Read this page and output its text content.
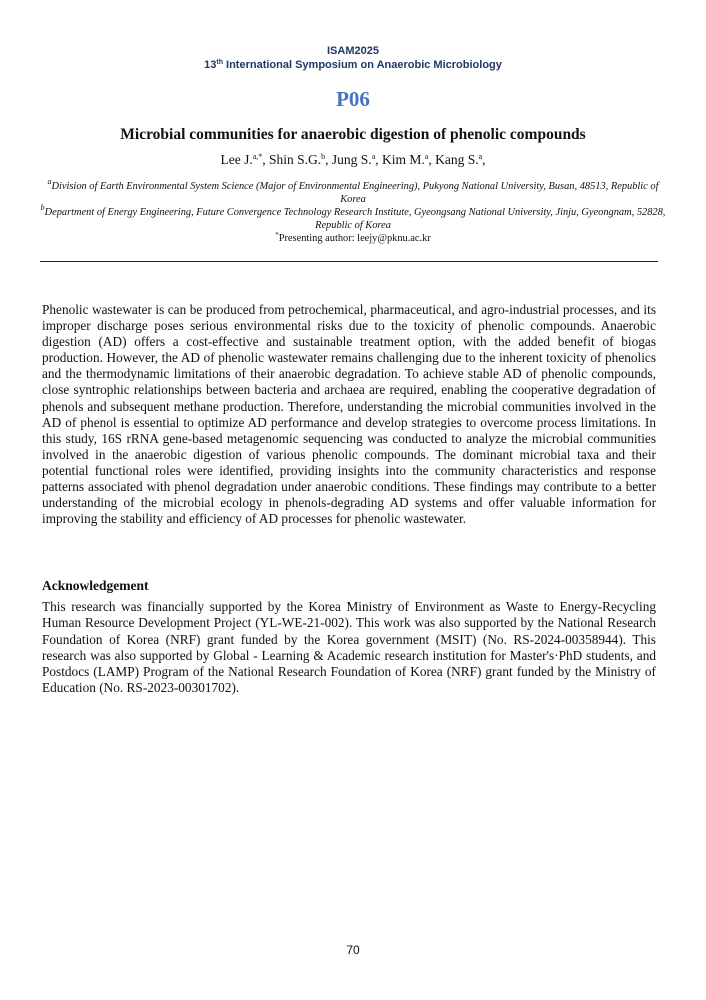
ISAM2025
13th International Symposium on Anaerobic Microbiology
P06
Microbial communities for anaerobic digestion of phenolic compounds
Lee J.$^{a,*}$, Shin S.G.$^b$, Jung S.$^a$, Kim M.$^a$, Kang S.$^a$,
$^a$Division of Earth Environmental System Science (Major of Environmental Engineering), Pukyong National University, Busan, 48513, Republic of Korea
$^b$Department of Energy Engineering, Future Convergence Technology Research Institute, Gyeongsang National University, Jinju, Gyeongnam, 52828, Republic of Korea
*Presenting author: leejy@pknu.ac.kr
Phenolic wastewater is can be produced from petrochemical, pharmaceutical, and agro-industrial processes, and its improper discharge poses serious environmental risks due to the toxicity of phenolic compounds. Anaerobic digestion (AD) offers a cost-effective and sustainable treatment option, with the added benefit of biogas production. However, the AD of phenolic wastewater remains challenging due to the inherent toxicity of phenolics and the thermodynamic limitations of their anaerobic degradation. To achieve stable AD of phenolic compounds, close syntrophic relationships between bacteria and archaea are required, enabling the cooperative degradation of phenols and subsequent methane production. Therefore, understanding the microbial communities involved in the AD of phenol is essential to optimize AD performance and develop strategies to overcome process limitations. In this study, 16S rRNA gene-based metagenomic sequencing was conducted to analyze the microbial communities involved in the anaerobic digestion of various phenolic compounds. The dominant microbial taxa and their potential functional roles were identified, providing insights into the community characteristics and response patterns associated with phenol degradation under anaerobic conditions. These findings may contribute to a better understanding of the microbial ecology in phenols-degrading AD systems and offer valuable information for improving the stability and efficiency of AD processes for phenolic wastewater.
Acknowledgement
This research was financially supported by the Korea Ministry of Environment as Waste to Energy-Recycling Human Resource Development Project (YL-WE-21-002). This work was also supported by the National Research Foundation of Korea (NRF) grant funded by the Korea government (MSIT) (No. RS-2024-00358944). This research was also supported by Global - Learning & Academic research institution for Master's·PhD students, and Postdocs (LAMP) Program of the National Research Foundation of Korea (NRF) grant funded by the Ministry of Education (No. RS-2023-00301702).
70
